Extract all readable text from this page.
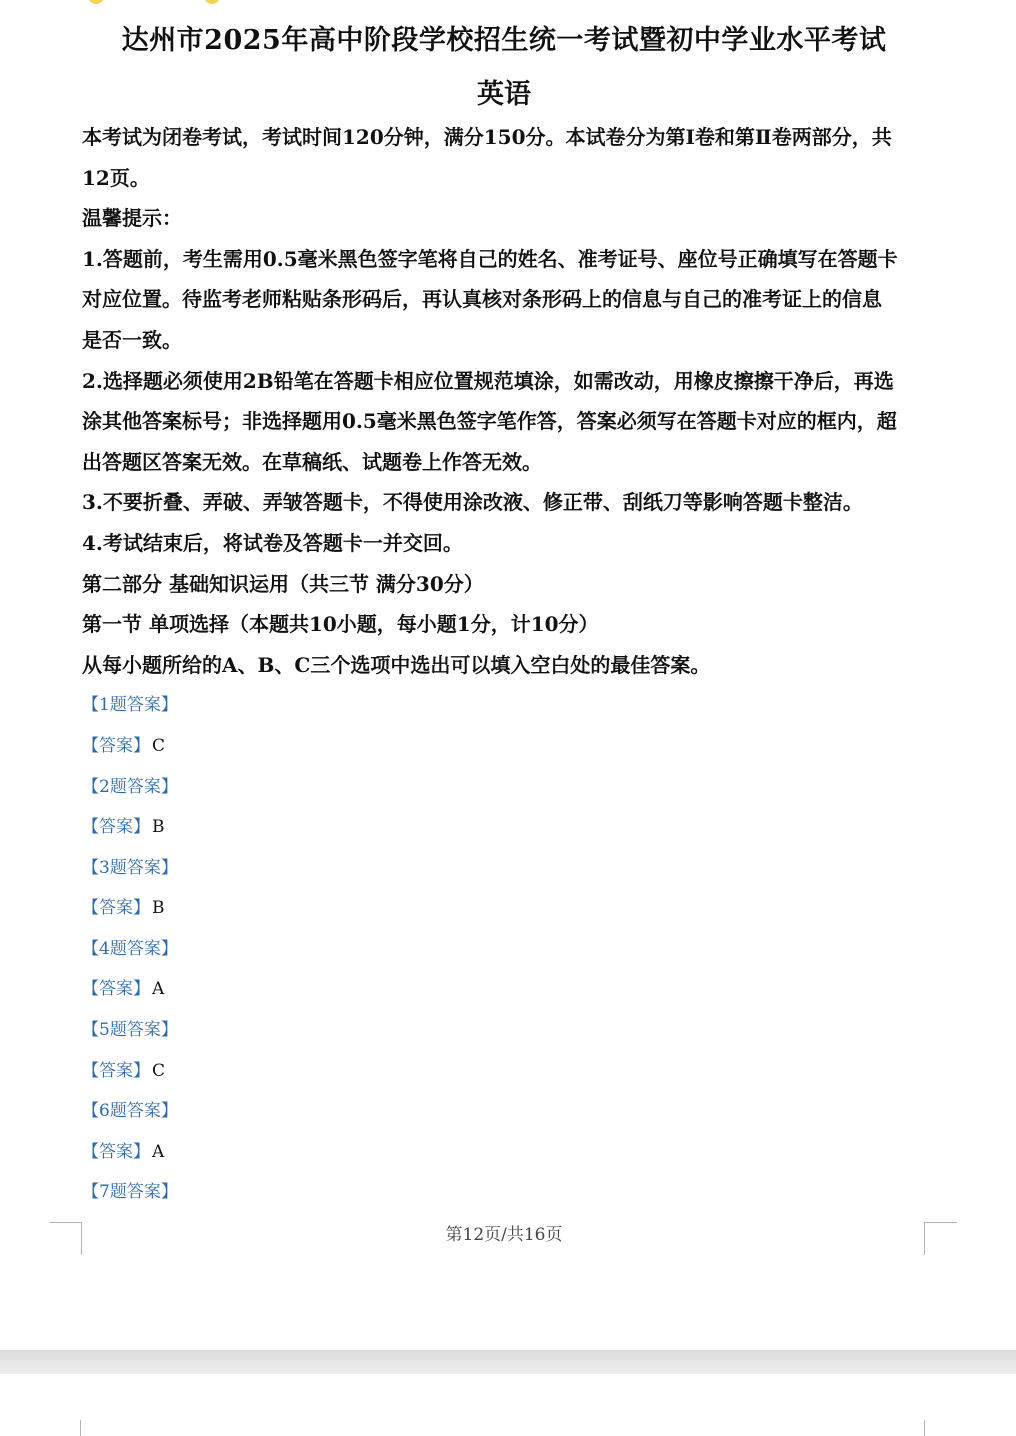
达州市2025年高中阶段学校招生统一考试暨初中学业水平考试
英语
本考试为闭卷考试，考试时间120分钟，满分150分。本试卷分为第Ⅰ卷和第Ⅱ卷两部分，共
12页。
温馨提示：
1.答题前，考生需用0.5毫米黑色签字笔将自己的姓名、准考证号、座位号正确填写在答题卡
对应位置。待监考老师粘贴条形码后，再认真核对条形码上的信息与自己的准考证上的信息
是否一致。
2.选择题必须使用2B铅笔在答题卡相应位置规范填涂，如需改动，用橡皮擦擦干净后，再选
涂其他答案标号；非选择题用0.5毫米黑色签字笔作答，答案必须写在答题卡对应的框内，超
出答题区答案无效。在草稿纸、试题卷上作答无效。
3.不要折叠、弄破、弄皱答题卡，不得使用涂改液、修正带、刮纸刀等影响答题卡整洁。
4.考试结束后，将试卷及答题卡一并交回。
第二部分 基础知识运用（共三节 满分30分）
第一节 单项选择（本题共10小题，每小题1分，计10分）
从每小题所给的A、B、C三个选项中选出可以填入空白处的最佳答案。
【1题答案】
【答案】 C
【2题答案】
【答案】 B
【3题答案】
【答案】 B
【4题答案】
【答案】 A
【5题答案】
【答案】 C
【6题答案】
【答案】 A
【7题答案】
第12页/共16页
